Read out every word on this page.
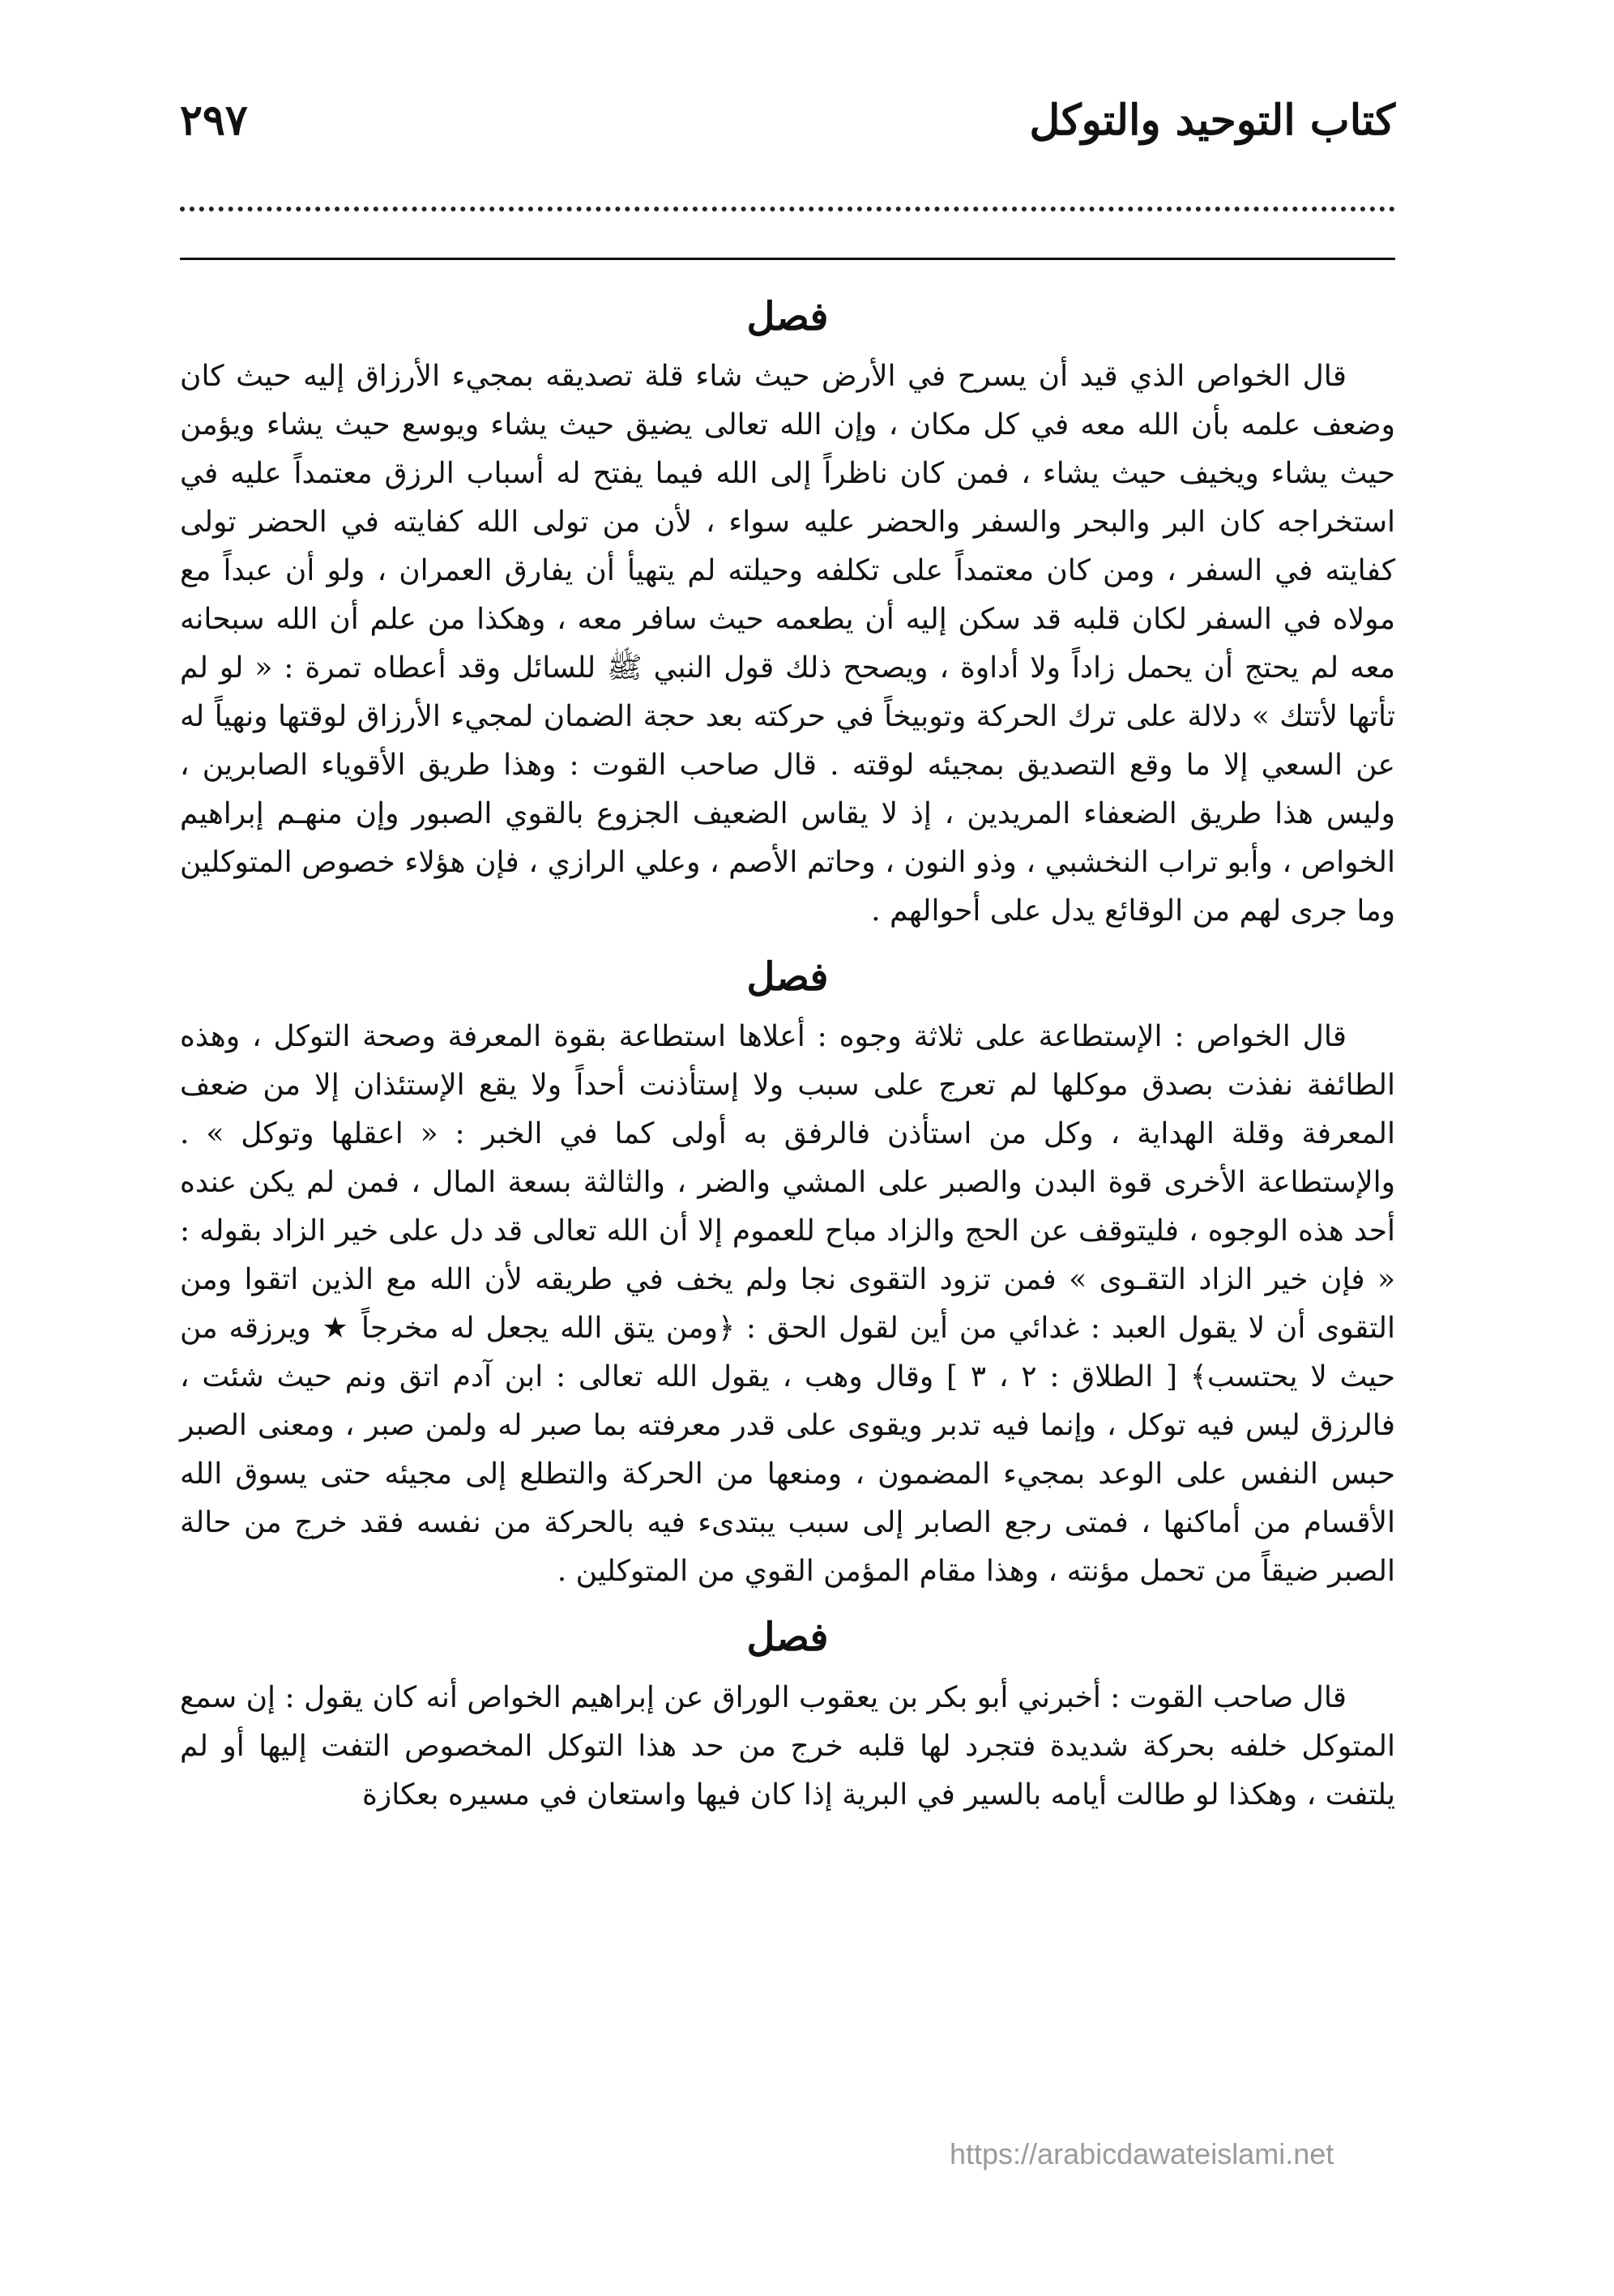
كتاب التوحيد والتوكل
٢٩٧
فصل

قال الخواص الذي قيد أن يسرح في الأرض حيث شاء قلة تصديقه بمجيء الأرزاق إليه حيث كان وضعف علمه بأن الله معه في كل مكان ، وإن الله تعالى يضيق حيث يشاء ويوسع حيث يشاء ويؤمن حيث يشاء ويخيف حيث يشاء ، فمن كان ناظراً إلى الله فيما يفتح له أسباب الرزق معتمداً عليه في استخراجه كان البر والبحر والسفر والحضر عليه سواء ، لأن من تولى الله كفايته في الحضر تولى كفايته في السفر ، ومن كان معتمداً على تكلفه وحيلته لم يتهيأ أن يفارق العمران ، ولو أن عبداً مع مولاه في السفر لكان قلبه قد سكن إليه أن يطعمه حيث سافر معه ، وهكذا من علم أن الله سبحانه معه لم يحتج أن يحمل زاداً ولا أداوة ، ويصحح ذلك قول النبي ﷺ للسائل وقد أعطاه تمرة : « لو لم تأتها لأتتك » دلالة على ترك الحركة وتوبيخاً في حركته بعد حجة الضمان لمجيء الأرزاق لوقتها ونهياً له عن السعي إلا ما وقع التصديق بمجيئه لوقته . قال صاحب القوت : وهذا طريق الأقوياء الصابرين ، وليس هذا طريق الضعفاء المريدين ، إذ لا يقاس الضعيف الجزوع بالقوي الصبور وإن منهـم إبراهيم الخواص ، وأبو تراب النخشبي ، وذو النون ، وحاتم الأصم ، وعلي الرازي ، فإن هؤلاء خصوص المتوكلين وما جرى لهم من الوقائع يدل على أحوالهم .

فصل

قال الخواص : الإستطاعة على ثلاثة وجوه : أعلاها استطاعة بقوة المعرفة وصحة التوكل ، وهذه الطائفة نفذت بصدق موكلها لم تعرج على سبب ولا إستأذنت أحداً ولا يقع الإستئذان إلا من ضعف المعرفة وقلة الهداية ، وكل من استأذن فالرفق به أولى كما في الخبر : « اعقلها وتوكل » . والإستطاعة الأخرى قوة البدن والصبر على المشي والضر ، والثالثة بسعة المال ، فمن لم يكن عنده أحد هذه الوجوه ، فليتوقف عن الحج والزاد مباح للعموم إلا أن الله تعالى قد دل على خير الزاد بقوله : « فإن خير الزاد التقـوى » فمن تزود التقوى نجا ولم يخف في طريقه لأن الله مع الذين اتقوا ومن التقوى أن لا يقول العبد : غدائي من أين لقول الحق : ﴿ومن يتق الله يجعل له مخرجاً ★ ويرزقه من حيث لا يحتسب﴾ [ الطلاق : ٢ ، ٣ ] وقال وهب ، يقول الله تعالى : ابن آدم اتق ونم حيث شئت ، فالرزق ليس فيه توكل ، وإنما فيه تدبر ويقوى على قدر معرفته بما صبر له ولمن صبر ، ومعنى الصبر حبس النفس على الوعد بمجيء المضمون ، ومنعها من الحركة والتطلع إلى مجيئه حتى يسوق الله الأقسام من أماكنها ، فمتى رجع الصابر إلى سبب يبتدىء فيه بالحركة من نفسه فقد خرج من حالة الصبر ضيقاً من تحمل مؤنته ، وهذا مقام المؤمن القوي من المتوكلين .

فصل

قال صاحب القوت : أخبرني أبو بكر بن يعقوب الوراق عن إبراهيم الخواص أنه كان يقول : إن سمع المتوكل خلفه بحركة شديدة فتجرد لها قلبه خرج من حد هذا التوكل المخصوص التفت إليها أو لم يلتفت ، وهكذا لو طالت أيامه بالسير في البرية إذا كان فيها واستعان في مسيره بعكازة

https://arabicdawateislami.net
